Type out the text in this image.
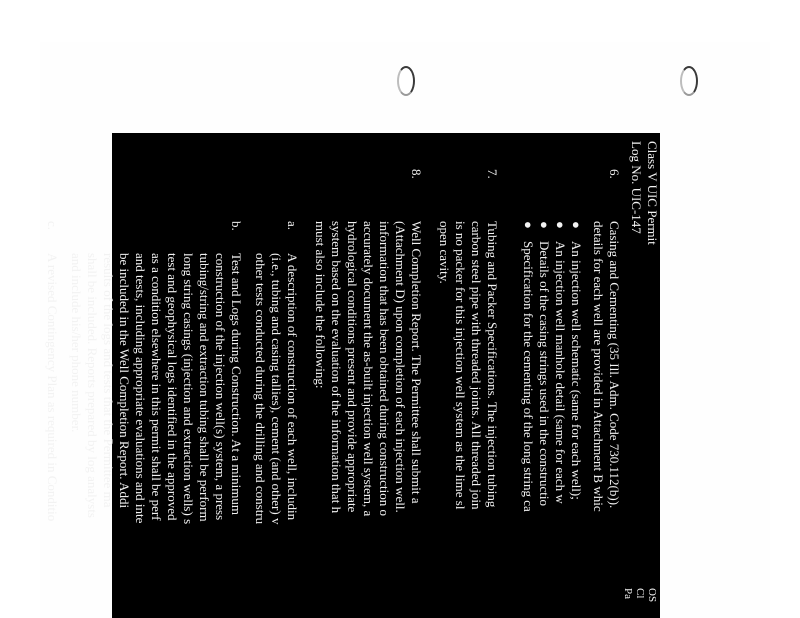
Class V UIC Permit
Log No. UIC-147
OS
Cl
Pa
6.
Casing and Cementing (35 Ill. Adm. Code 730.112(b)).
details for each well are provided in Attachment B whic
●
An injection well schematic (same for each well);
●
An injection well manhole detail (same for each w
●
Details of the casing strings used in the constructio
●
Specification for the cementing of the long string ca
7.
Tubing and Packer Specifications. The injection tubing
carbon steel pipe with threaded joints. All threaded join
is no packer for this injection well system as the lime sl
open cavity.
8.
Well Completion Report. The Permittee shall submit a
(Attachment D) upon completion of each injection well.
information that has been obtained during construction o
accurately document the as-built injection well system, a
hydrological conditions present and provide appropriate
system based on the evaluation of the information that h
must also include the following:
a.
A description of construction of each well, includin
(i.e., tubing and casing tallies), cement (and other) v
other tests conducted during the drilling and constru
b.
Test and Logs during Construction. At a minimum
construction of the injection well(s) system, a press
tubing/string and extraction tubing shall be perform
long string casings (injection and extraction wells) s
test and geophysical logs identified in the approved
as a condition elsewhere in this permit shall be perf
and tests, including appropriate evaluations and inte
be included in the Well Completion Report. Addi
results of the logs and tests that the Permittee ma
shall be included. Reports prepared by log analysts
and include his/her phone number.
c.
A revised Contingency Plan as required in Conditio
